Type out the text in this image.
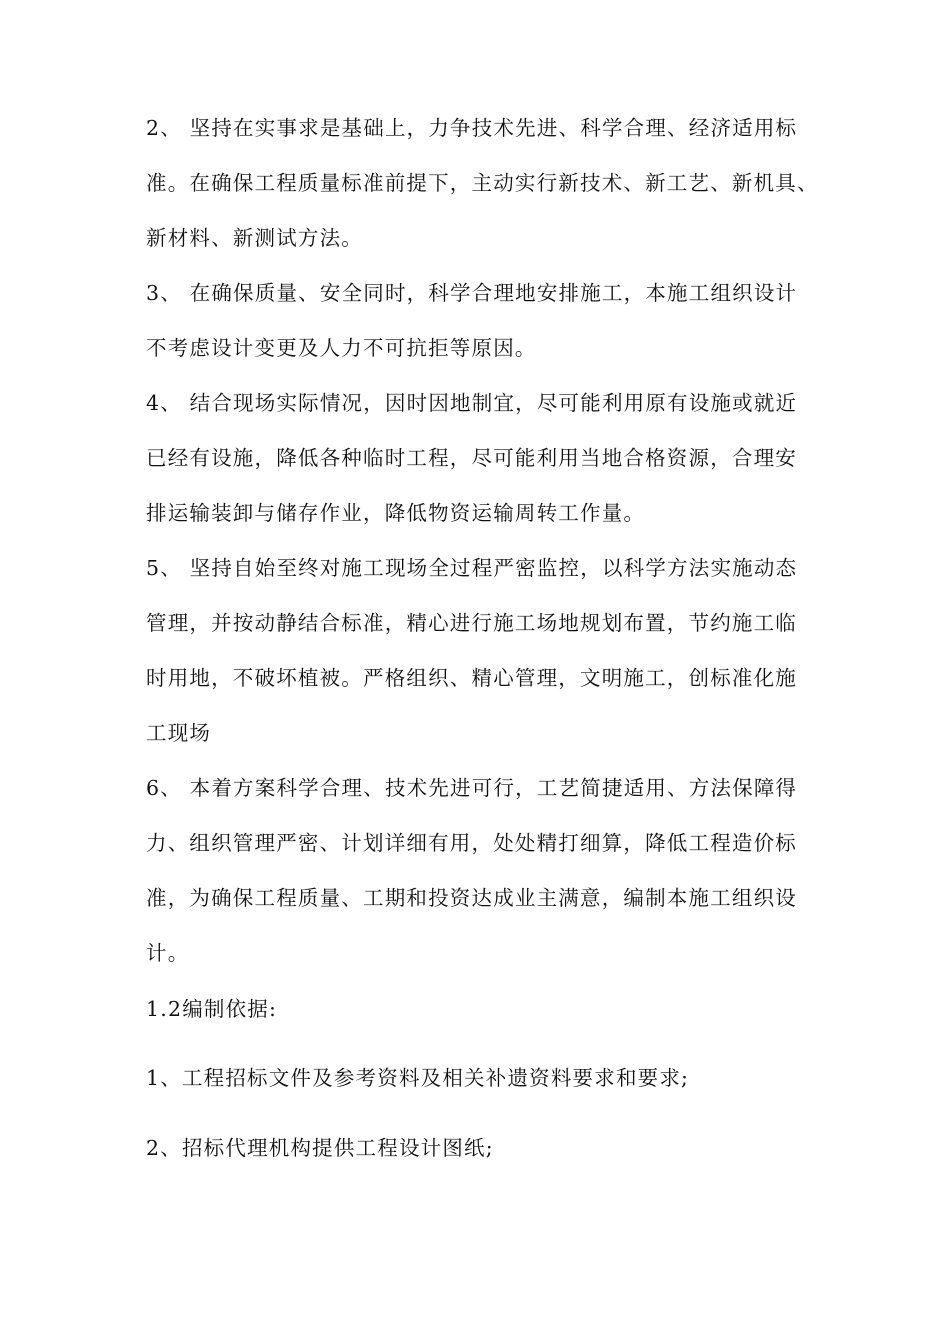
2、 坚持在实事求是基础上，力争技术先进、科学合理、经济适用标
准。在确保工程质量标准前提下，主动实行新技术、新工艺、新机具、
新材料、新测试方法。
3、 在确保质量、安全同时，科学合理地安排施工，本施工组织设计
不考虑设计变更及人力不可抗拒等原因。
4、 结合现场实际情况，因时因地制宜，尽可能利用原有设施或就近
已经有设施，降低各种临时工程，尽可能利用当地合格资源，合理安
排运输装卸与储存作业，降低物资运输周转工作量。
5、 坚持自始至终对施工现场全过程严密监控，以科学方法实施动态
管理，并按动静结合标准，精心进行施工场地规划布置，节约施工临
时用地，不破坏植被。严格组织、精心管理，文明施工，创标准化施
工现场
6、 本着方案科学合理、技术先进可行，工艺简捷适用、方法保障得
力、组织管理严密、计划详细有用，处处精打细算，降低工程造价标
准，为确保工程质量、工期和投资达成业主满意，编制本施工组织设
计。
1.2编制依据:
1、工程招标文件及参考资料及相关补遗资料要求和要求;
2、招标代理机构提供工程设计图纸;
